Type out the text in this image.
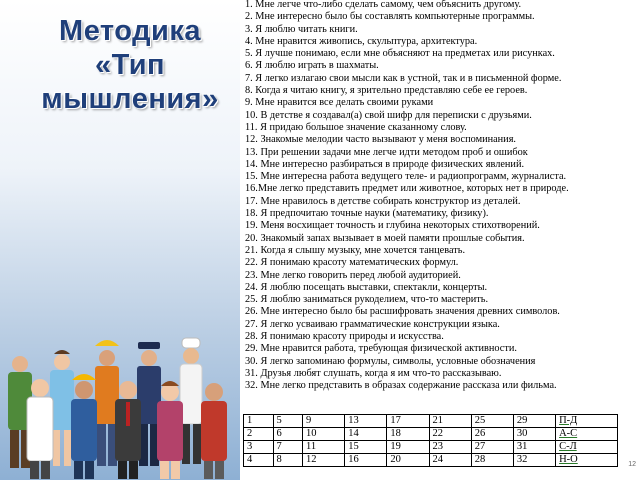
Методика
«Тип
мышления»
1. Мне легче что-либо сделать самому, чем объяснить другому.
2. Мне интересно было бы составлять компьютерные программы.
3. Я люблю читать книги.
4. Мне нравится живопись, скульптура, архитектура.
5. Я лучше понимаю, если мне объясняют на предметах или рисунках.
6. Я люблю играть в шахматы.
7. Я легко излагаю свои мысли как в устной, так и в письменной форме.
8. Когда я читаю книгу, я зрительно представляю себе ее героев.
9. Мне нравится все делать своими руками
10. В детстве я создавал(а) свой шифр для переписки с друзьями.
11. Я придаю большое значение сказанному слову.
12. Знакомые мелодии часто вызывают у меня воспоминания.
13. При решении задачи мне легче идти методом проб и ошибок
14. Мне интересно разбираться в природе физических явлений.
15. Мне интересна работа ведущего теле- и радиопрограмм, журналиста.
16.Мне легко представить предмет или животное, которых нет в природе.
17. Мне нравилось в детстве собирать конструктор из деталей.
18. Я предпочитаю точные науки (математику, физику).
19. Меня восхищает точность и глубина некоторых стихотворений.
20. Знакомый запах вызывает в моей памяти прошлые события.
21. Когда я слышу музыку, мне хочется танцевать.
22. Я понимаю красоту математических формул.
23. Мне легко говорить перед любой аудиторией.
24. Я люблю посещать выставки, спектакли, концерты.
25. Я люблю заниматься рукоделием, что-то мастерить.
26. Мне интересно было бы расшифровать значения древних символов.
27. Я легко усваиваю грамматические конструкции языка.
28. Я понимаю красоту природы и искусства.
29. Мне нравится работа, требующая физической активности.
30. Я легко запоминаю формулы, символы, условные обозначения
31. Друзья любят слушать, когда я им что-то рассказываю.
32. Мне легко представить в образах содержание рассказа или фильма.
1	5	9	13	17	21	25	29	П-Д
2	6	10	14	18	22	26	30	А-С
3	7	11	15	19	23	27	31	С-Л
4	8	12	16	20	24	28	32	Н-О	12
